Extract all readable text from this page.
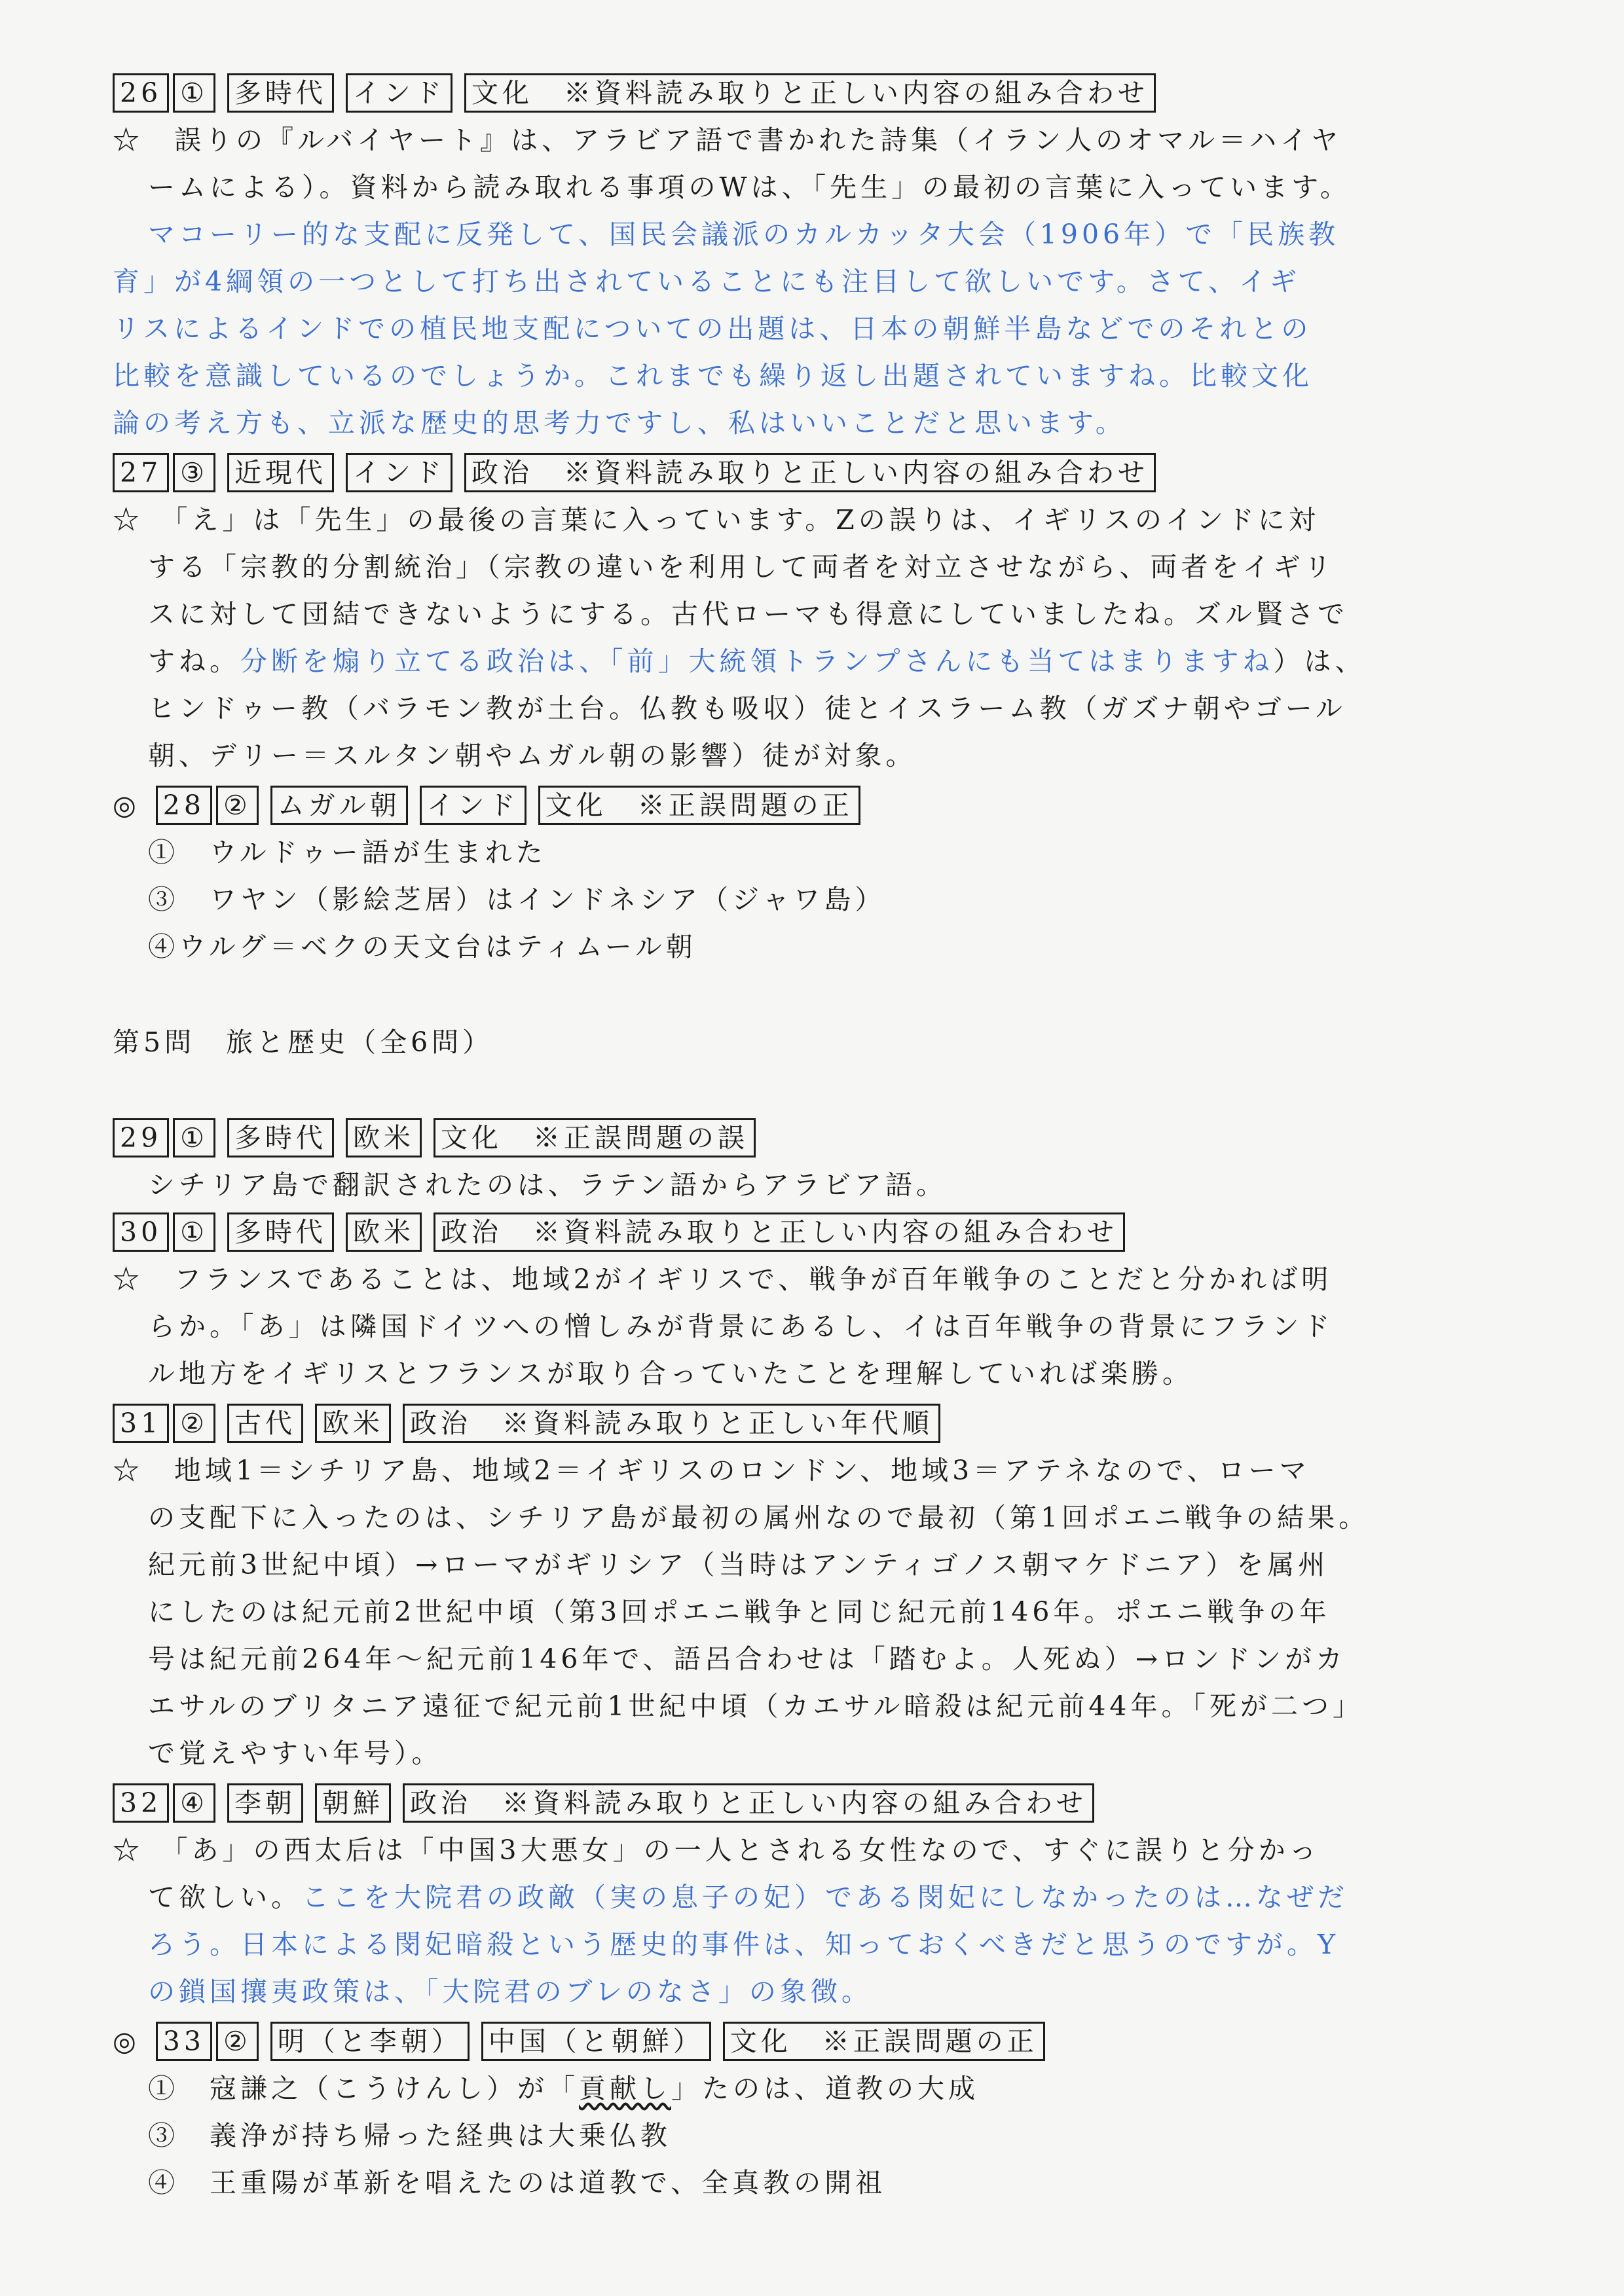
26 ① 多時代 インド 文化　※資料読み取りと正しい内容の組み合わせ
☆　誤りの『ルバイヤート』は、アラビア語で書かれた詩集（イラン人のオマル＝ハイヤ
ームによる）。資料から読み取れる事項のWは、「先生」の最初の言葉に入っています。
マコーリー的な支配に反発して、国民会議派のカルカッタ大会（1906年）で「民族教
育」が4綱領の一つとして打ち出されていることにも注目して欲しいです。さて、イギ
リスによるインドでの植民地支配についての出題は、日本の朝鮮半島などでのそれとの
比較を意識しているのでしょうか。これまでも繰り返し出題されていますね。比較文化
論の考え方も、立派な歴史的思考力ですし、私はいいことだと思います。
27 ③ 近現代 インド 政治　※資料読み取りと正しい内容の組み合わせ
☆　「え」は「先生」の最後の言葉に入っています。Zの誤りは、イギリスのインドに対
する「宗教的分割統治」（宗教の違いを利用して両者を対立させながら、両者をイギリ
スに対して団結できないようにする。古代ローマも得意にしていましたね。ズル賢さで
すね。分断を煽り立てる政治は、「前」大統領トランプさんにも当てはまりますね）は、
ヒンドゥー教（バラモン教が土台。仏教も吸収）徒とイスラーム教（ガズナ朝やゴール
朝、デリー＝スルタン朝やムガル朝の影響）徒が対象。
◎ 28 ② ムガル朝 インド 文化　※正誤問題の正
①　ウルドゥー語が生まれた
③　ワヤン（影絵芝居）はインドネシア（ジャワ島）
④ウルグ＝ベクの天文台はティムール朝
第5問　旅と歴史（全6問）
29 ① 多時代 欧米 文化　※正誤問題の誤
シチリア島で翻訳されたのは、ラテン語からアラビア語。
30 ① 多時代 欧米 政治　※資料読み取りと正しい内容の組み合わせ
☆　フランスであることは、地域2がイギリスで、戦争が百年戦争のことだと分かれば明
らか。「あ」は隣国ドイツへの憎しみが背景にあるし、イは百年戦争の背景にフランド
ル地方をイギリスとフランスが取り合っていたことを理解していれば楽勝。
31 ② 古代 欧米 政治　※資料読み取りと正しい年代順
☆　地域1＝シチリア島、地域2＝イギリスのロンドン、地域3＝アテネなので、ローマ
の支配下に入ったのは、シチリア島が最初の属州なので最初（第1回ポエニ戦争の結果。
紀元前3世紀中頃）→ローマがギリシア（当時はアンティゴノス朝マケドニア）を属州
にしたのは紀元前2世紀中頃（第3回ポエニ戦争と同じ紀元前146年。ポエニ戦争の年
号は紀元前264年～紀元前146年で、語呂合わせは「踏むよ。人死ぬ）→ロンドンがカ
エサルのブリタニア遠征で紀元前1世紀中頃（カエサル暗殺は紀元前44年。「死が二つ」
で覚えやすい年号）。
32 ④ 李朝 朝鮮 政治　※資料読み取りと正しい内容の組み合わせ
☆　「あ」の西太后は「中国3大悪女」の一人とされる女性なので、すぐに誤りと分かっ
て欲しい。ここを大院君の政敵（実の息子の妃）である閔妃にしなかったのは…なぜだ
ろう。日本による閔妃暗殺という歴史的事件は、知っておくべきだと思うのですが。Y
の鎖国攘夷政策は、「大院君のブレのなさ」の象徴。
◎ 33 ② 明（と李朝） 中国（と朝鮮） 文化　※正誤問題の正
①　寇謙之（こうけんし）が「貢献し」たのは、道教の大成
③　義浄が持ち帰った経典は大乗仏教
④　王重陽が革新を唱えたのは道教で、全真教の開祖
